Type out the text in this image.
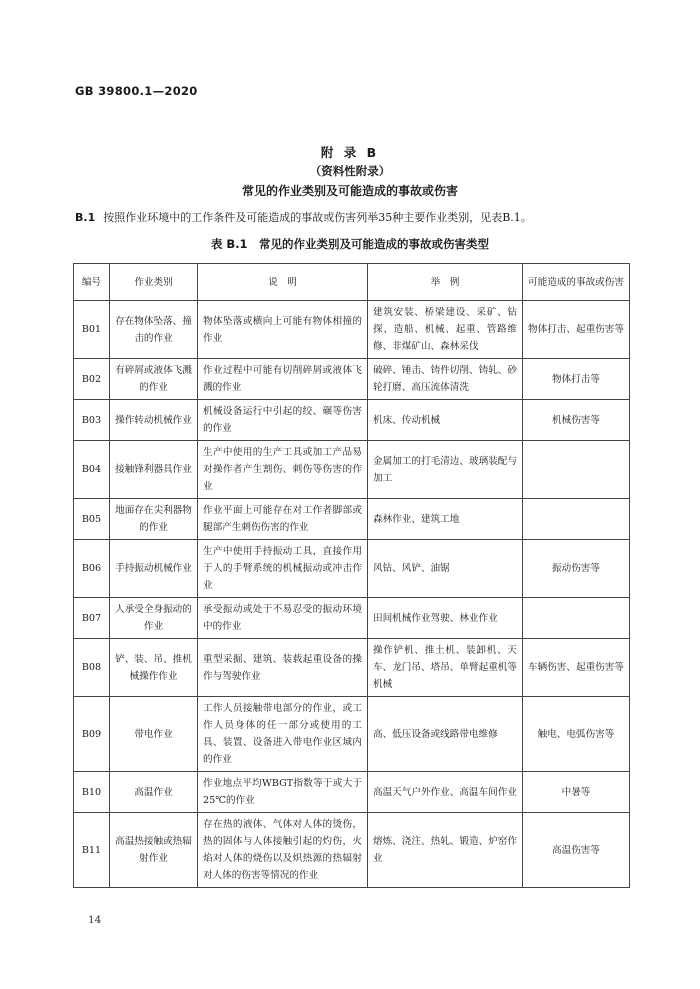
GB 39800.1—2020
附 录 B
（资料性附录）
常见的作业类别及可能造成的事故或伤害
B.1 按照作业环境中的工作条件及可能造成的事故或伤害列举35种主要作业类别，见表B.1。
表 B.1　常见的作业类别及可能造成的事故或伤害类型
编号	作业类别	说　明	举　例	可能造成的事故或伤害
B01	存在物体坠落、撞击的作业	物体坠落或横向上可能有物体相撞的作业	建筑安装、桥梁建设、采矿、钻探、造船、机械、起重、管路维修、非煤矿山、森林采伐	物体打击、起重伤害等
B02	有碎屑或液体飞溅的作业	作业过程中可能有切削碎屑或液体飞溅的作业	破碎、锤击、铸件切削、铸轧、砂轮打磨、高压流体清洗	物体打击等
B03	操作转动机械作业	机械设备运行中引起的绞、碾等伤害的作业	机床、传动机械	机械伤害等
B04	接触锋利器具作业	生产中使用的生产工具或加工产品易对操作者产生割伤、刺伤等伤害的作业	金属加工的打毛清边、玻璃装配与加工	
B05	地面存在尖利器物的作业	作业平面上可能存在对工作者脚部或腿部产生刺伤伤害的作业	森林作业、建筑工地	
B06	手持振动机械作业	生产中使用手持振动工具，直接作用于人的手臂系统的机械振动或冲击作业	风钻、风铲、油锯	振动伤害等
B07	人承受全身振动的作业	承受振动或处于不易忍受的振动环境中的作业	田间机械作业驾驶、林业作业	
B08	铲、装、吊、推机械操作作业	重型采掘、建筑、装载起重设备的操作与驾驶作业	操作铲机、推土机、装卸机、天车、龙门吊、塔吊、单臂起重机等机械	车辆伤害、起重伤害等
B09	带电作业	工作人员接触带电部分的作业，或工作人员身体的任一部分或使用的工具、装置、设备进入带电作业区域内的作业	高、低压设备或线路带电维修	触电、电弧伤害等
B10	高温作业	作业地点平均WBGT指数等于或大于25℃的作业	高温天气户外作业、高温车间作业	中暑等
B11	高温热接触或热辐射作业	存在热的液体、气体对人体的烫伤，热的固体与人体接触引起的灼伤，火焰对人体的烧伤以及炽热源的热辐射对人体的伤害等情况的作业	熔炼、浇注、热轧、锻造、炉窑作业	高温伤害等
14
